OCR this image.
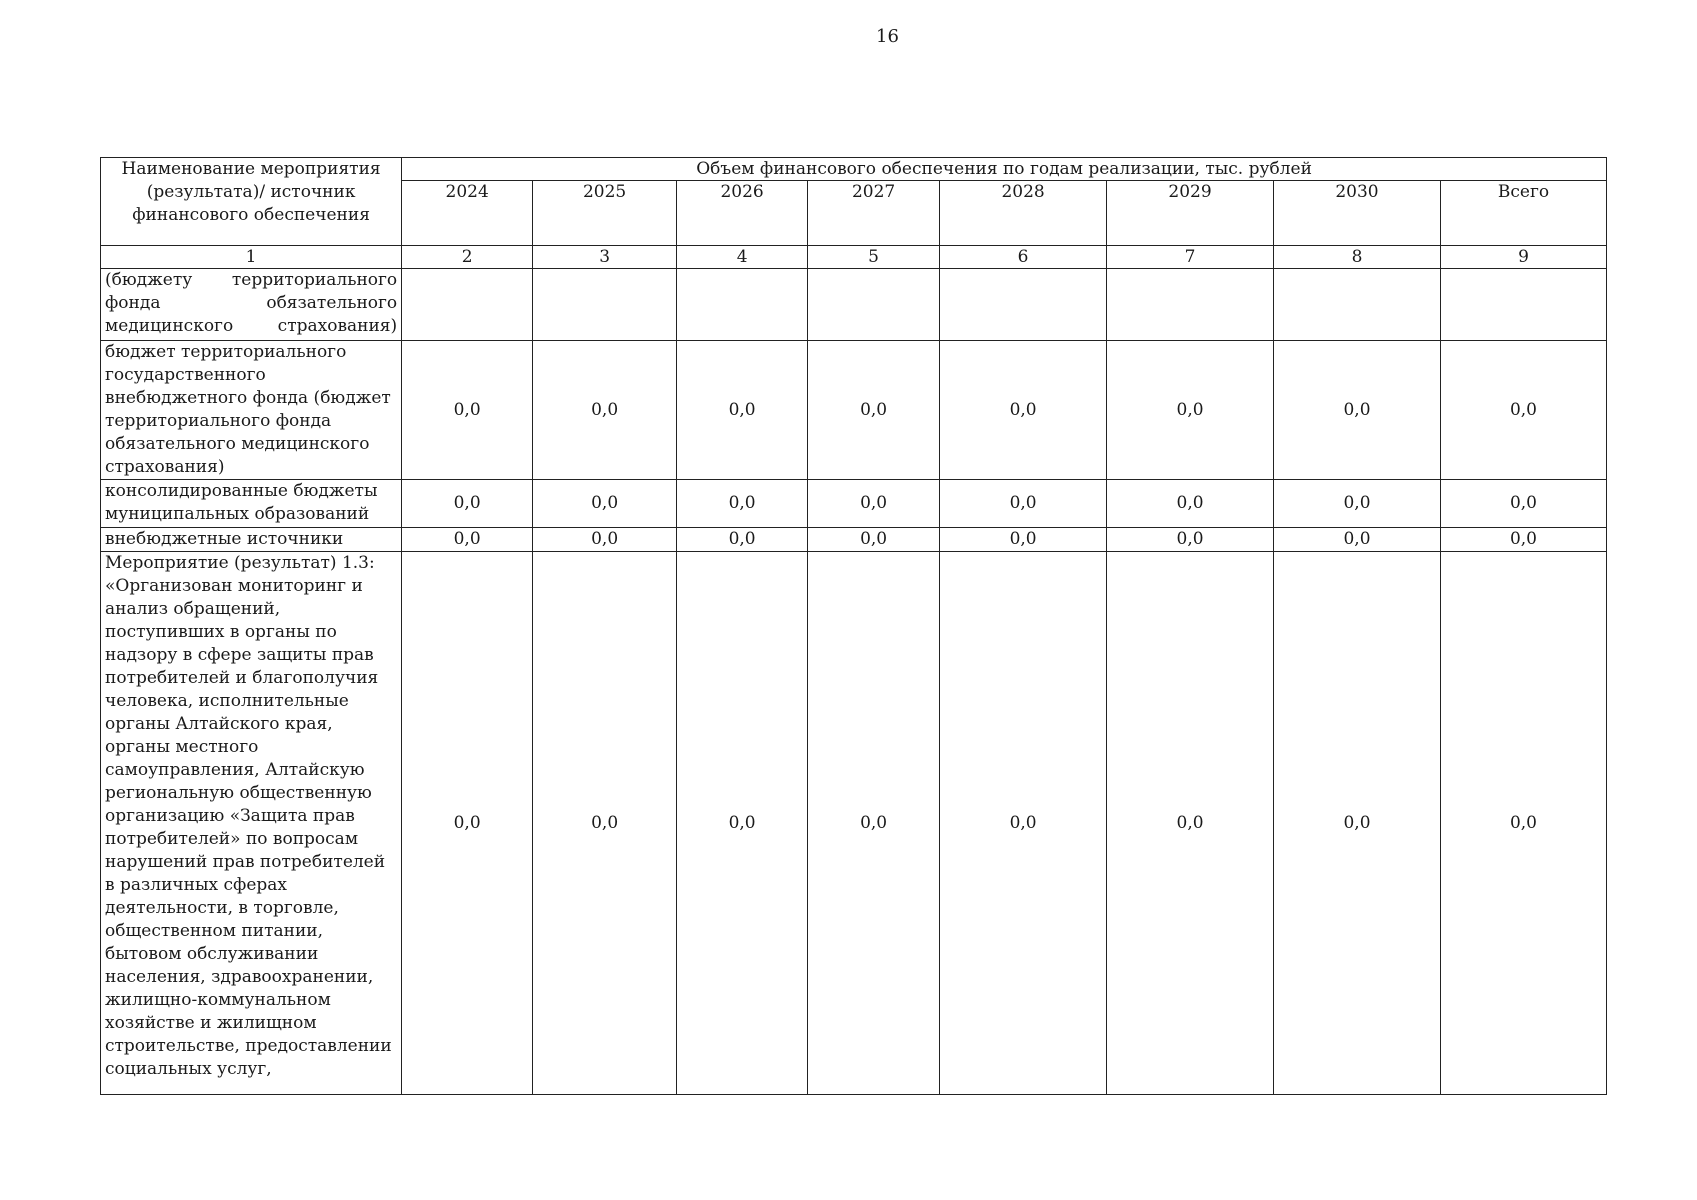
16
Наименование мероприятия (результата)/ источник финансового обеспечения	Объем финансового обеспечения по годам реализации, тыс. рублей							
	2024	2025	2026	2027	2028	2029	2030	Всего
1	2	3	4	5	6	7	8	9
(бюджету территориального фонда обязательного медицинского страхования)								
бюджет территориального государственного внебюджетного фонда (бюджет территориального фонда обязательного медицинского страхования)	0,0	0,0	0,0	0,0	0,0	0,0	0,0	0,0
консолидированные бюджеты муниципальных образований	0,0	0,0	0,0	0,0	0,0	0,0	0,0	0,0
внебюджетные источники	0,0	0,0	0,0	0,0	0,0	0,0	0,0	0,0
Мероприятие (результат) 1.3: «Организован мониторинг и анализ обращений, поступивших в органы по надзору в сфере защиты прав потребителей и благополучия человека, исполнительные органы Алтайского края, органы местного самоуправления, Алтайскую региональную общественную организацию «Защита прав потребителей» по вопросам нарушений прав потребителей в различных сферах деятельности, в торговле, общественном питании, бытовом обслуживании населения, здравоохранении, жилищно-коммунальном хозяйстве и жилищном строительстве, предоставлении социальных услуг,	0,0	0,0	0,0	0,0	0,0	0,0	0,0	0,0
